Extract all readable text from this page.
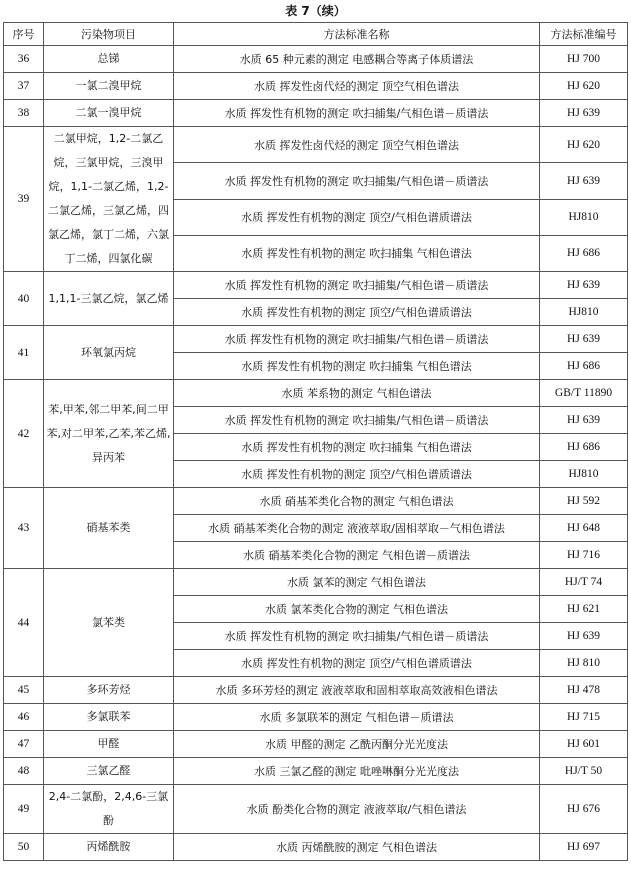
表 7（续）
序号	污染物项目	方法标准名称	方法标准编号
36	总锑	水质 65 种元素的测定 电感耦合等离子体质谱法	HJ 700
37	一氯二溴甲烷	水质 挥发性卤代烃的测定 顶空气相色谱法	HJ 620
38	二氯一溴甲烷	水质 挥发性有机物的测定 吹扫捕集/气相色谱－质谱法	HJ 639
39	二氯甲烷，1,2-二氯乙烷，三氯甲烷，三溴甲烷，1,1-二氯乙烯，1,2-二氯乙烯，三氯乙烯，四氯乙烯，氯丁二烯，六氯丁二烯，四氯化碳	水质 挥发性卤代烃的测定 顶空气相色谱法	HJ 620
		水质 挥发性有机物的测定 吹扫捕集/气相色谱－质谱法	HJ 639
		水质 挥发性有机物的测定 顶空/气相色谱质谱法	HJ810
		水质 挥发性有机物的测定 吹扫捕集 气相色谱法	HJ 686
40	1,1,1-三氯乙烷，氯乙烯	水质 挥发性有机物的测定 吹扫捕集/气相色谱－质谱法	HJ 639
		水质 挥发性有机物的测定 顶空/气相色谱质谱法	HJ810
41	环氧氯丙烷	水质 挥发性有机物的测定 吹扫捕集/气相色谱－质谱法	HJ 639
		水质 挥发性有机物的测定 吹扫捕集 气相色谱法	HJ 686
42	苯,甲苯,邻二甲苯,间二甲苯,对二甲苯,乙苯,苯乙烯,异丙苯	水质 苯系物的测定 气相色谱法	GB/T 11890
		水质 挥发性有机物的测定 吹扫捕集/气相色谱－质谱法	HJ 639
		水质 挥发性有机物的测定 吹扫捕集 气相色谱法	HJ 686
		水质 挥发性有机物的测定 顶空/气相色谱质谱法	HJ810
43	硝基苯类	水质 硝基苯类化合物的测定 气相色谱法	HJ 592
		水质 硝基苯类化合物的测定 液液萃取/固相萃取－气相色谱法	HJ 648
		水质 硝基苯类化合物的测定 气相色谱－质谱法	HJ 716
44	氯苯类	水质 氯苯的测定 气相色谱法	HJ/T 74
		水质 氯苯类化合物的测定 气相色谱法	HJ 621
		水质 挥发性有机物的测定 吹扫捕集/气相色谱－质谱法	HJ 639
		水质 挥发性有机物的测定 顶空/气相色谱质谱法	HJ 810
45	多环芳烃	水质 多环芳烃的测定 液液萃取和固相萃取高效液相色谱法	HJ 478
46	多氯联苯	水质 多氯联苯的测定 气相色谱－质谱法	HJ 715
47	甲醛	水质 甲醛的测定 乙酰丙酮分光光度法	HJ 601
48	三氯乙醛	水质 三氯乙醛的测定 吡唑啉酮分光光度法	HJ/T 50
49	2,4-二氯酚，2,4,6-三氯酚	水质 酚类化合物的测定 液液萃取/气相色谱法	HJ 676
50	丙烯酰胺	水质 丙烯酰胺的测定 气相色谱法	HJ 697
